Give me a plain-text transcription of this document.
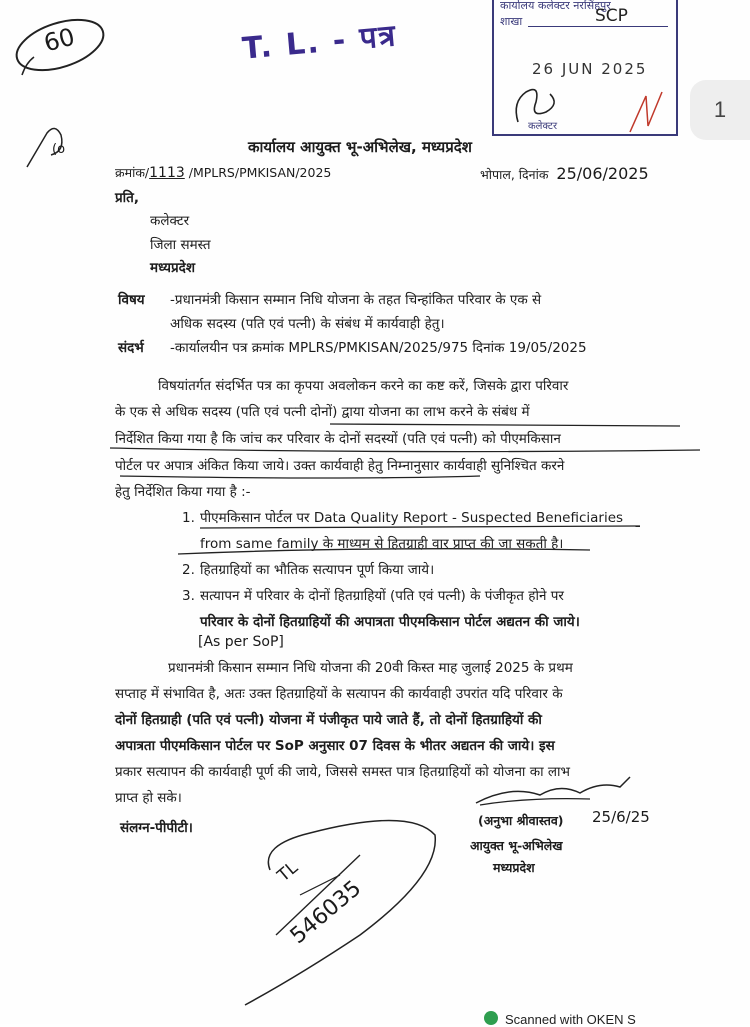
60
(o
T. L. - पत्र
कार्यालय कलेक्टर नरसिंहपुर
शाखा	SCP
26 JUN 2025
कलेक्टर
1
कार्यालय आयुक्त भू-अभिलेख, मध्यप्रदेश
क्रमांक/1113 /MPLRS/PMKISAN/2025	भोपाल, दिनांक 25/06/2025
प्रति,
कलेक्टर
जिला समस्त
मध्यप्रदेश
विषय -प्रधानमंत्री किसान सम्मान निधि योजना के तहत चिन्हांकित परिवार के एक से
अधिक सदस्य (पति एवं पत्नी) के संबंध में कार्यवाही हेतु।
संदर्भ -कार्यालयीन पत्र क्रमांक MPLRS/PMKISAN/2025/975 दिनांक 19/05/2025
विषयांतर्गत संदर्भित पत्र का कृपया अवलोकन करने का कष्ट करें, जिसके द्वारा परिवार
के एक से अधिक सदस्य (पति एवं पत्नी दोनों) द्वाया योजना का लाभ करने के संबंध में
निर्देशित किया गया है कि जांच कर परिवार के दोनों सदस्यों (पति एवं पत्नी) को पीएमकिसान
पोर्टल पर अपात्र अंकित किया जाये। उक्त कार्यवाही हेतु निम्नानुसार कार्यवाही सुनिश्चित करने
हेतु निर्देशित किया गया है :-
1. पीएमकिसान पोर्टल पर Data Quality Report - Suspected Beneficiaries
from same family के माध्यम से हितग्राही वार प्राप्त की जा सकती है।
2. हितग्राहियों का भौतिक सत्यापन पूर्ण किया जाये।
3. सत्यापन में परिवार के दोनों हितग्राहियों (पति एवं पत्नी) के पंजीकृत होने पर
परिवार के दोनों हितग्राहियों की अपात्रता पीएमकिसान पोर्टल अद्यतन की जाये।
[As per SoP]
प्रधानमंत्री किसान सम्मान निधि योजना की 20वी किस्त माह जुलाई 2025 के प्रथम
सप्ताह में संभावित है, अतः उक्त हितग्राहियों के सत्यापन की कार्यवाही उपरांत यदि परिवार के
दोनों हितग्राही (पति एवं पत्नी) योजना में पंजीकृत पाये जाते हैं, तो दोनों हितग्राहियों की
अपात्रता पीएमकिसान पोर्टल पर SoP अनुसार 07 दिवस के भीतर अद्यतन की जाये। इस
प्रकार सत्यापन की कार्यवाही पूर्ण की जाये, जिससे समस्त पात्र हितग्राहियों को योजना का लाभ
प्राप्त हो सके।
संलग्न-पीपीटी।	(अनुभा श्रीवास्तव) 25/6/25
आयुक्त भू-अभिलेख
मध्यप्रदेश
TL
546035
Scanned with OKEN S
